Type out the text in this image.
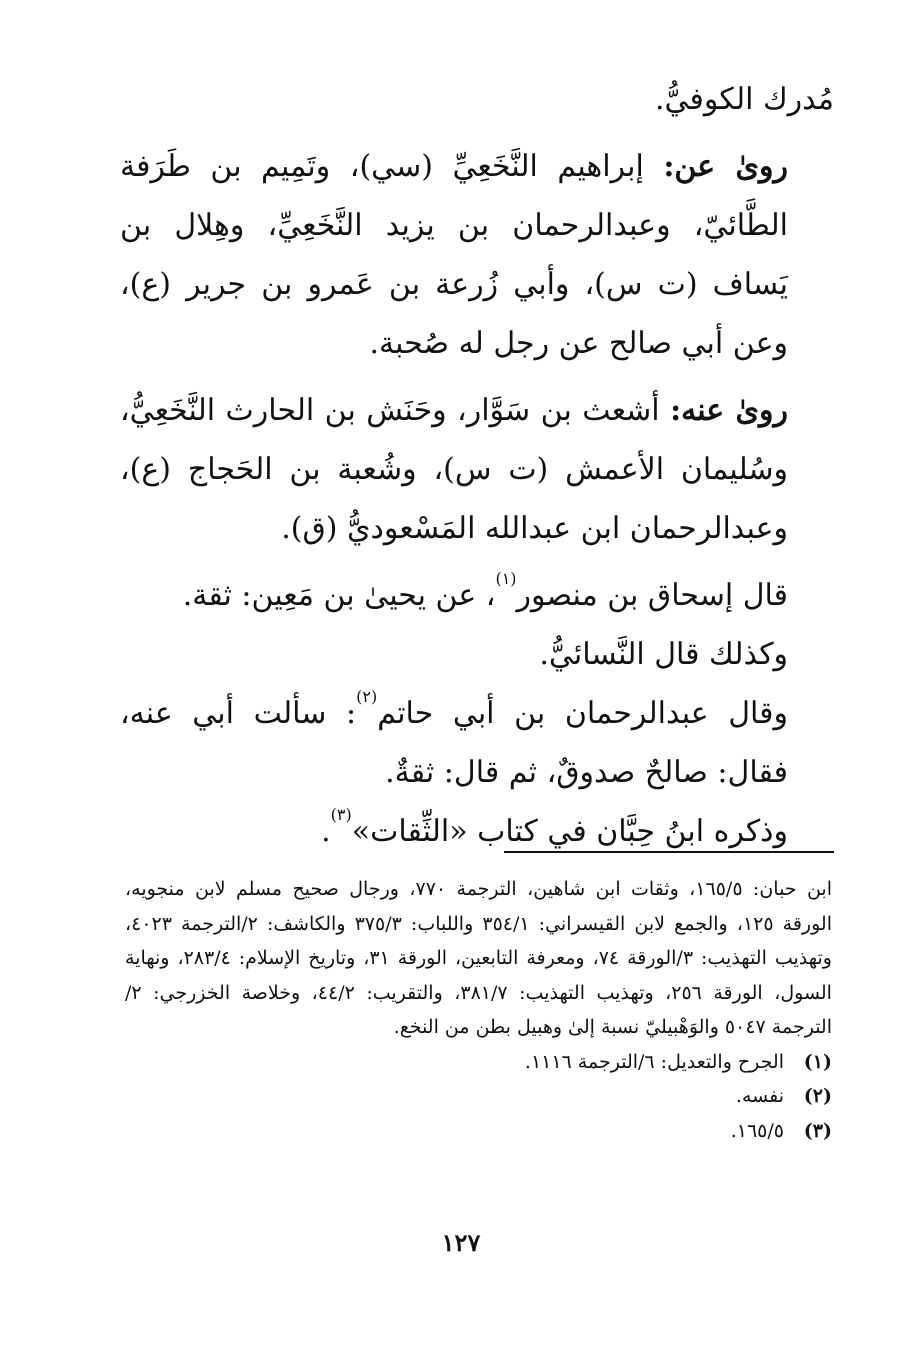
مُدرك الكوفيُّ.

روىٰ عن: إبراهيم النَّخَعِيِّ (سي)، وتَمِيم بن طَرَفة الطَّائيّ، وعبدالرحمان بن يزيد النَّخَعِيِّ، وهِلال بن يَساف (ت س)، وأبي زُرعة بن عَمرو بن جرير (ع)، وعن أبي صالح عن رجل له صُحبة.

روىٰ عنه: أشعث بن سَوَّار، وحَنَش بن الحارث النَّخَعِيُّ، وسُليمان الأعمش (ت س)، وشُعبة بن الحَجاج (ع)، وعبدالرحمان ابن عبدالله المَسْعوديُّ (ق).

قال إسحاق بن منصور$^{(١)}$، عن يحيىٰ بن مَعِين: ثقة.

وكذلك قال النَّسائيُّ.

وقال عبدالرحمان بن أبي حاتم$^{(٢)}$: سألت أبي عنه، فقال: صالحٌ صدوقٌ، ثم قال: ثقةٌ.

وذكره ابنُ حِبَّان في كتاب «الثِّقات»$^{(٣)}$.

ابن حبان: ١٦٥/٥، وثقات ابن شاهين، الترجمة ٧٧٠، ورجال صحيح مسلم لابن منجويه، الورقة ١٢٥، والجمع لابن القيسراني: ٣٥٤/١ واللباب: ٣٧٥/٣ والكاشف: ٢/الترجمة ٤٠٢٣، وتهذيب التهذيب: ٣/الورقة ٧٤، ومعرفة التابعين، الورقة ٣١، وتاريخ الإسلام: ٢٨٣/٤، ونهاية السول، الورقة ٢٥٦، وتهذيب التهذيب: ٣٨١/٧، والتقريب: ٤٤/٢، وخلاصة الخزرجي: ٢/الترجمة ٥٠٤٧ والوَهْبيليّ نسبة إلىٰ وهبيل بطن من النخع.

(١)
الجرح والتعديل: ٦/الترجمة ١١١٦.
(٢)
نفسه.
(٣)
١٦٥/٥.
١٢٧
